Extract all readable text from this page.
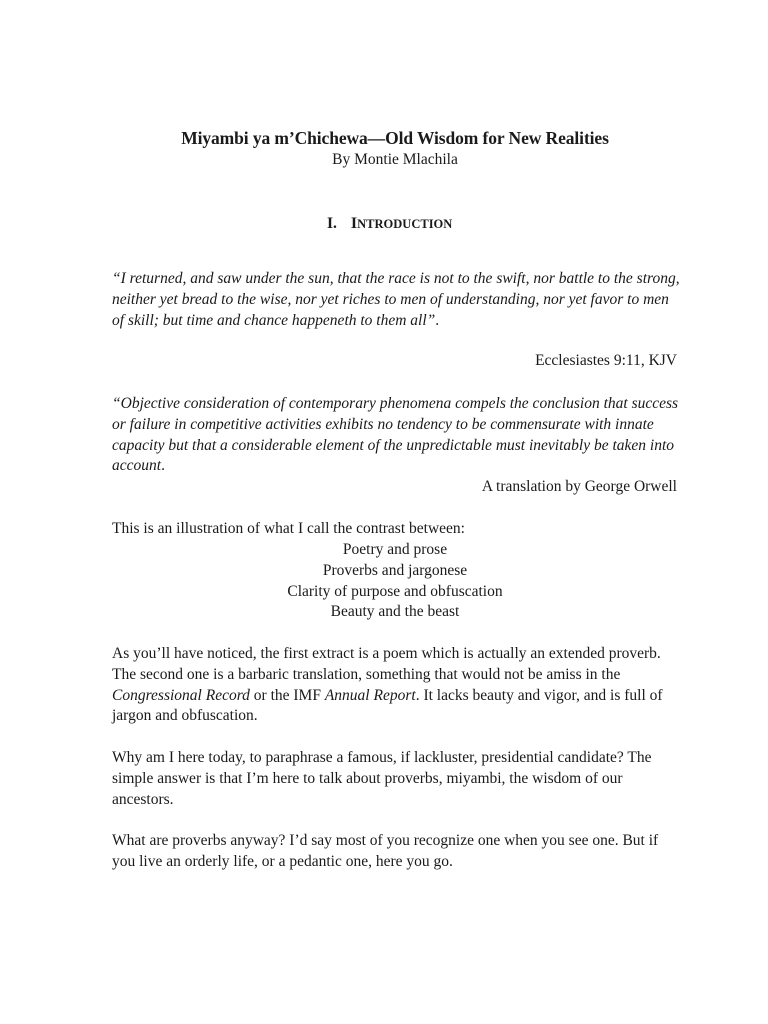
Miyambi ya m’Chichewa—Old Wisdom for New Realities
By Montie Mlachila
I. INTRODUCTION

“I returned, and saw under the sun, that the race is not to the swift, nor battle to the strong, neither yet bread to the wise, nor yet riches to men of understanding, nor yet favor to men of skill; but time and chance happeneth to them all”.

Ecclesiastes 9:11, KJV

“Objective consideration of contemporary phenomena compels the conclusion that success or failure in competitive activities exhibits no tendency to be commensurate with innate capacity but that a considerable element of the unpredictable must inevitably be taken into account.

A translation by George Orwell

This is an illustration of what I call the contrast between:

Poetry and prose
Proverbs and jargonese
Clarity of purpose and obfuscation
Beauty and the beast

As you’ll have noticed, the first extract is a poem which is actually an extended proverb. The second one is a barbaric translation, something that would not be amiss in the Congressional Record or the IMF Annual Report. It lacks beauty and vigor, and is full of jargon and obfuscation.

Why am I here today, to paraphrase a famous, if lackluster, presidential candidate? The simple answer is that I’m here to talk about proverbs, miyambi, the wisdom of our ancestors.

What are proverbs anyway? I’d say most of you recognize one when you see one. But if you live an orderly life, or a pedantic one, here you go.
